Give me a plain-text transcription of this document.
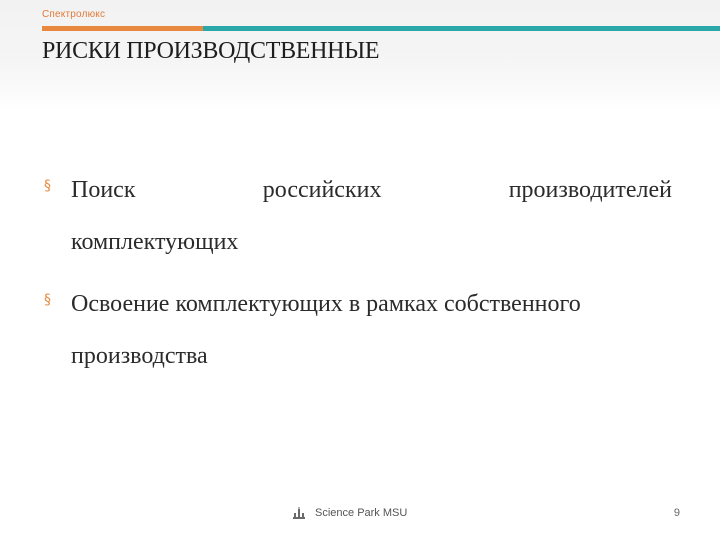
Спектролюкс
РИСКИ ПРОИЗВОДСТВЕННЫЕ
§ Поиск	российских	производителей
комплектующих
§ Освоение комплектующих в рамках собственного
производства
Science Park MSU	9
